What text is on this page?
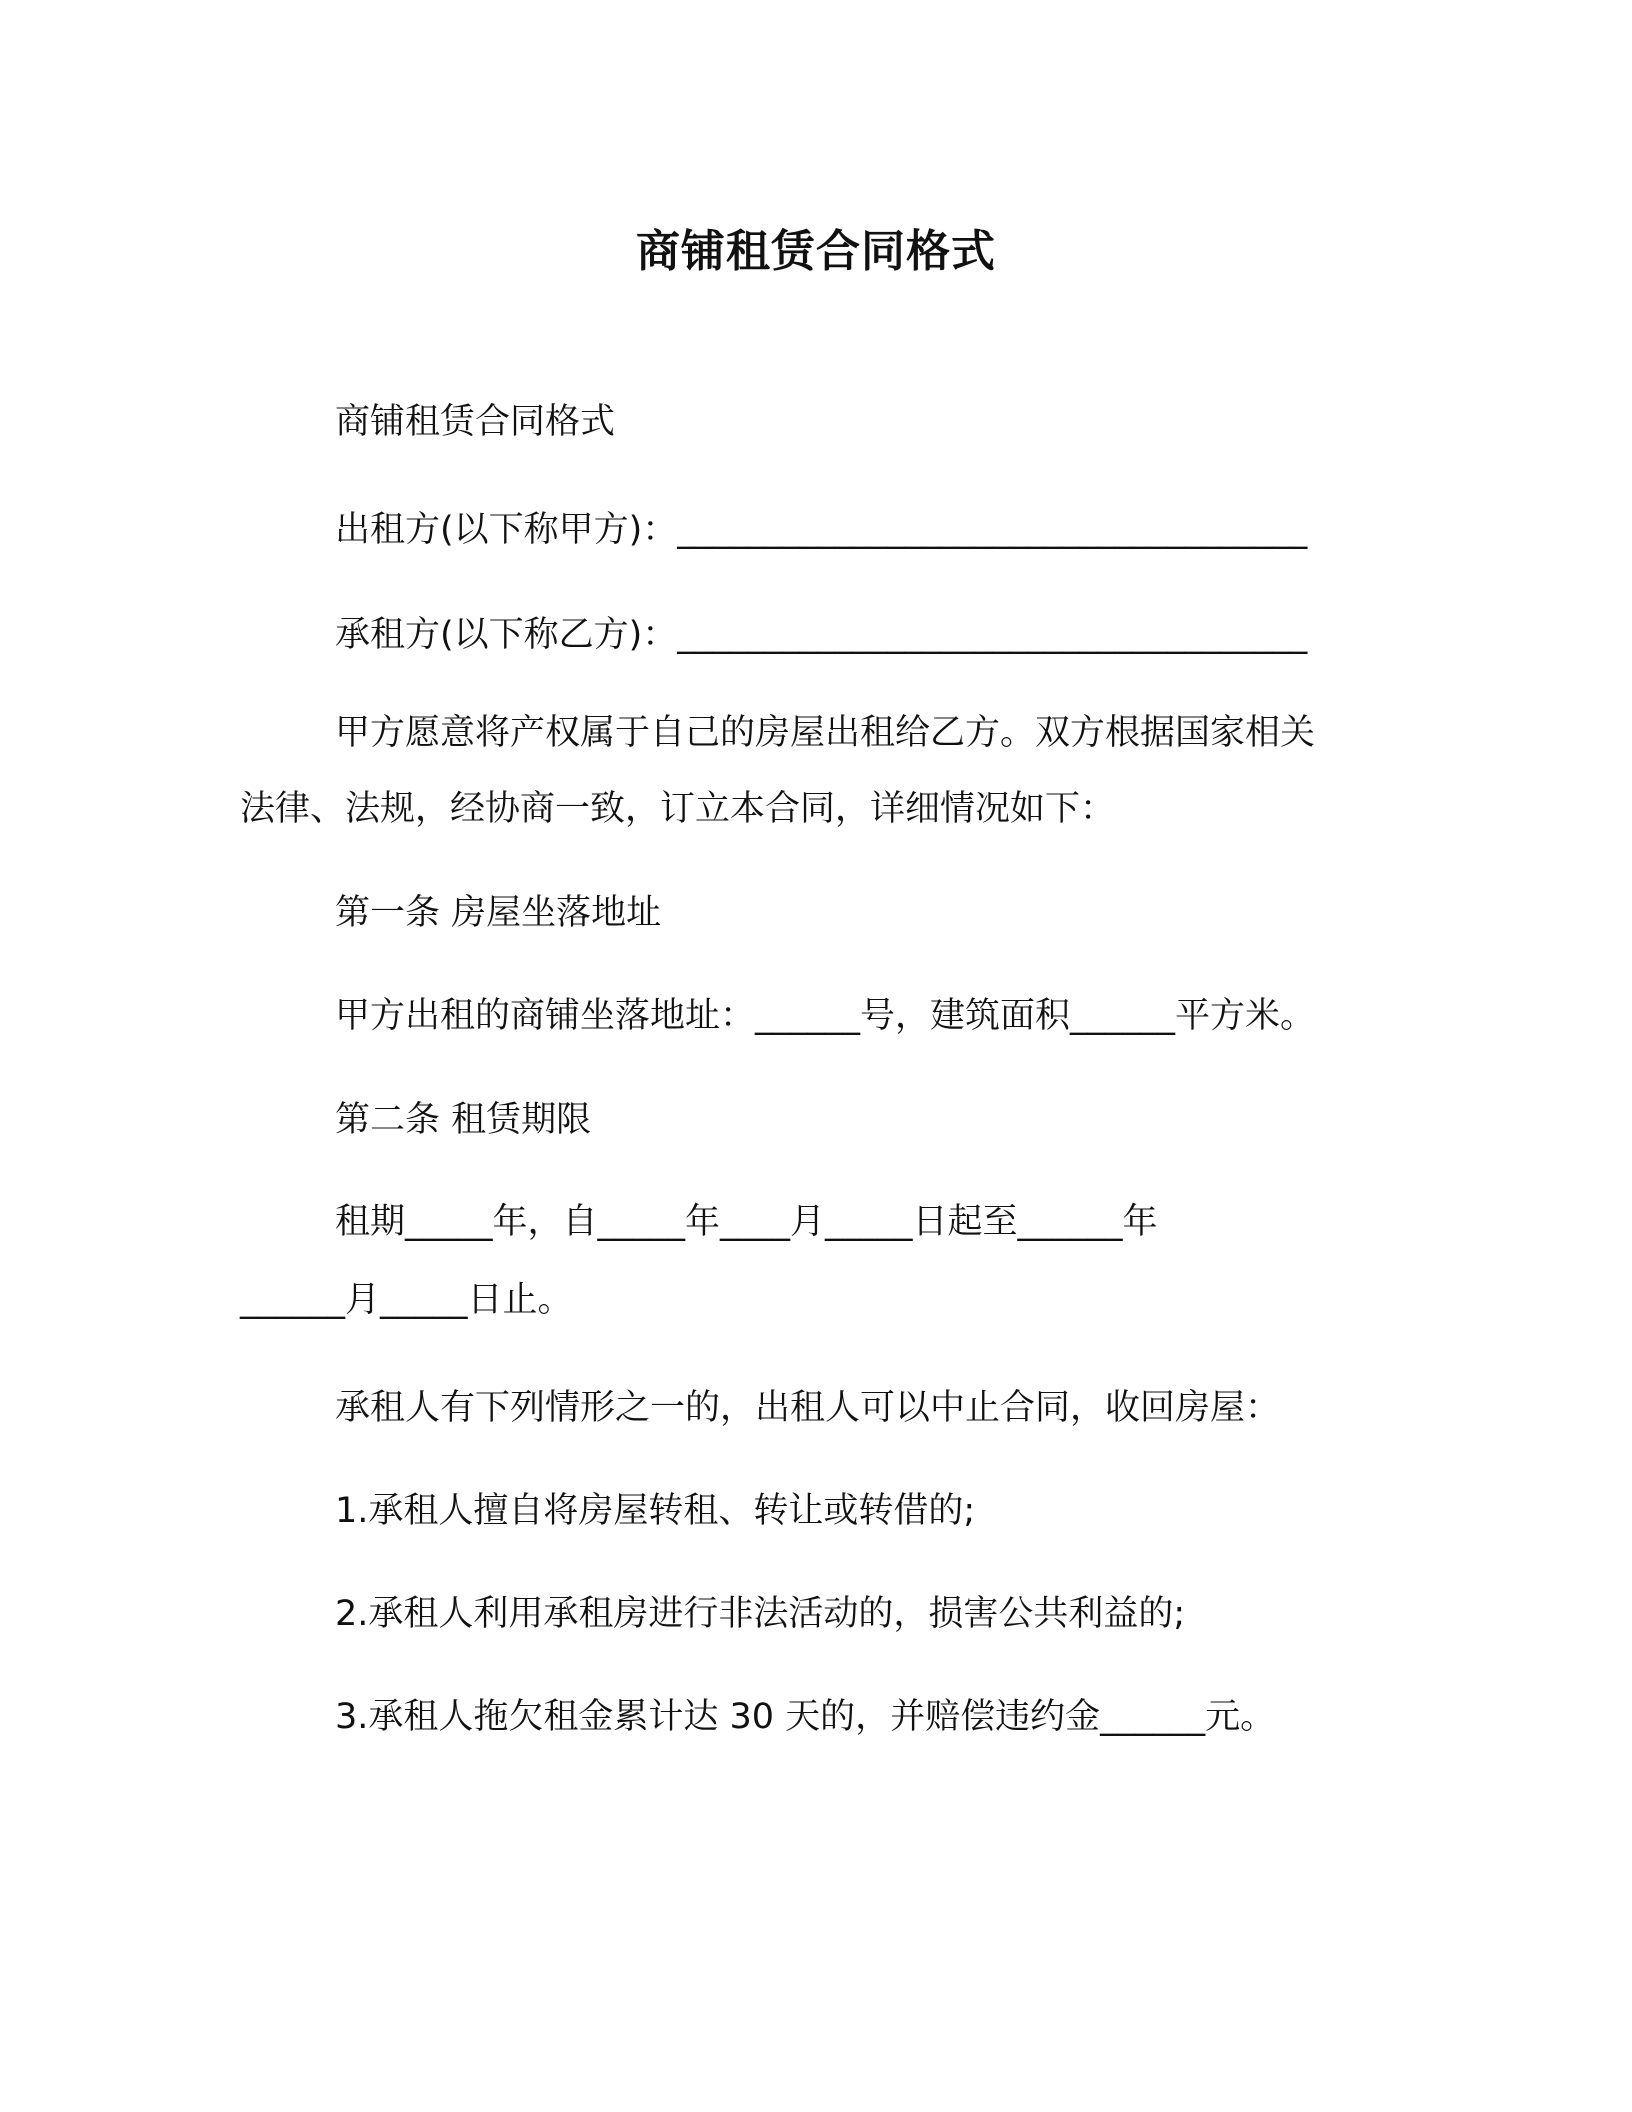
商铺租赁合同格式
商铺租赁合同格式
出租方(以下称甲方)：____________________________________
承租方(以下称乙方)：____________________________________
甲方愿意将产权属于自己的房屋出租给乙方。双方根据国家相关
法律、法规，经协商一致，订立本合同，详细情况如下：
第一条 房屋坐落地址
甲方出租的商铺坐落地址：______号，建筑面积______平方米。
第二条 租赁期限
租期_____年，自_____年____月_____日起至______年
______月_____日止。
承租人有下列情形之一的，出租人可以中止合同，收回房屋：
1.承租人擅自将房屋转租、转让或转借的;
2.承租人利用承租房进行非法活动的，损害公共利益的;
3.承租人拖欠租金累计达 30 天的，并赔偿违约金______元。
